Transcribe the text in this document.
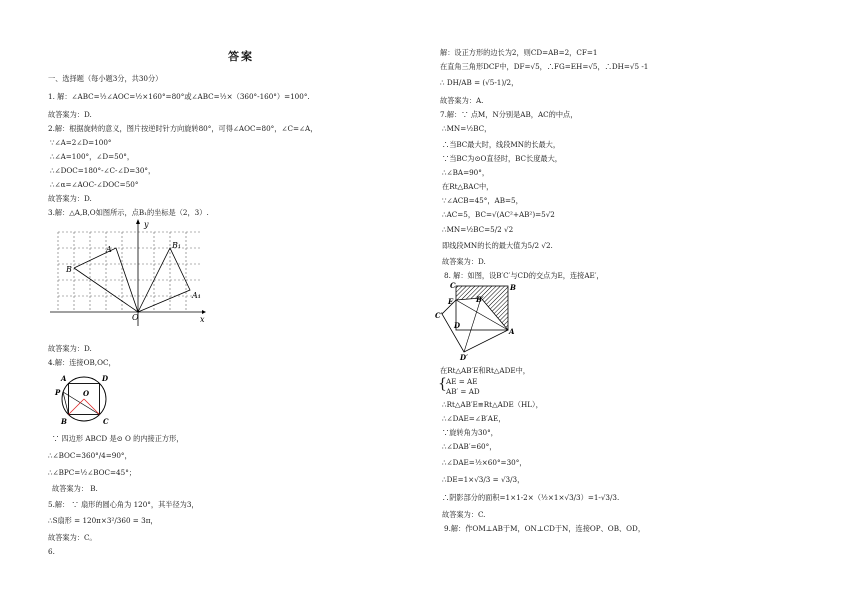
答案
一、选择题（每小题3分，共30分）
1. 解：∠ABC=½∠AOC=½×160°=80°或∠ABC=½×（360°-160°）=100°.
故答案为：D.
2.解：根据旋转的意义，图片按逆时针方向旋转80°，可得∠AOC=80°，∠C=∠A，
∵∠A=2∠D=100°
∴∠A=100°，∠D=50°，
∴∠DOC=180°-∠C-∠D=30°，
∴∠α=∠AOC-∠DOC=50°
故答案为：D.
3.解：△A,B,O如图所示，点B₁的坐标是（2，3）.
y
x
O
A
B
B₁
A₁
故答案为：D.
4.解：连接OB,OC，
A	D
O
P
B	C
∵ 四边形 ABCD 是⊙ O 的内接正方形，
∴∠BOC=360°/4=90°，
∴∠BPC=½∠BOC=45°；
故答案为： B.
5.解： ∵ 扇形的圆心角为 120°，其半径为3，
∴S扇形 = 120π×3²/360 = 3π，
故答案为：C。
6.
解：设正方形的边长为2，则CD=AB=2，CF=1
在直角三角形DCF中，DF=√5，∴FG=EH=√5，∴DH=√5 -1
∴ DH/AB = (√5-1)/2，
故答案为：A.
7.解：∵ 点M，N分别是AB，AC的中点，
∴MN=½BC，
∴当BC最大时，线段MN的长最大，
∵当BC为⊙O直径时，BC长度最大，
∴∠BA=90°，
在Rt△BAC中，
∵∠ACB=45°，AB=5，
∴AC=5，BC=√(AC²+AB²)=5√2
∴MN=½BC=5/2 √2
即线段MN的长的最大值为5/2 √2.
故答案为：D.
8. 解：如图，设B′C′与CD的交点为E，连接AE′，
C	B
E	B′
C′
D
A
D′
在Rt△AB′E和Rt△ADE中，
{ AE = AE
AB′ = AD
∴Rt△AB′E≌Rt△ADE（HL），
∴∠DAE=∠B′AE，
∵旋转角为30°，
∴∠DAB′=60°，
∴∠DAE=½×60°=30°，
∴DE=1×√3/3 = √3/3，
∴阴影部分的面积=1×1-2×（½×1×√3/3）=1-√3/3.
故答案为：C.
9.解：作OM⊥AB于M，ON⊥CD于N，连接OP、OB、OD，
